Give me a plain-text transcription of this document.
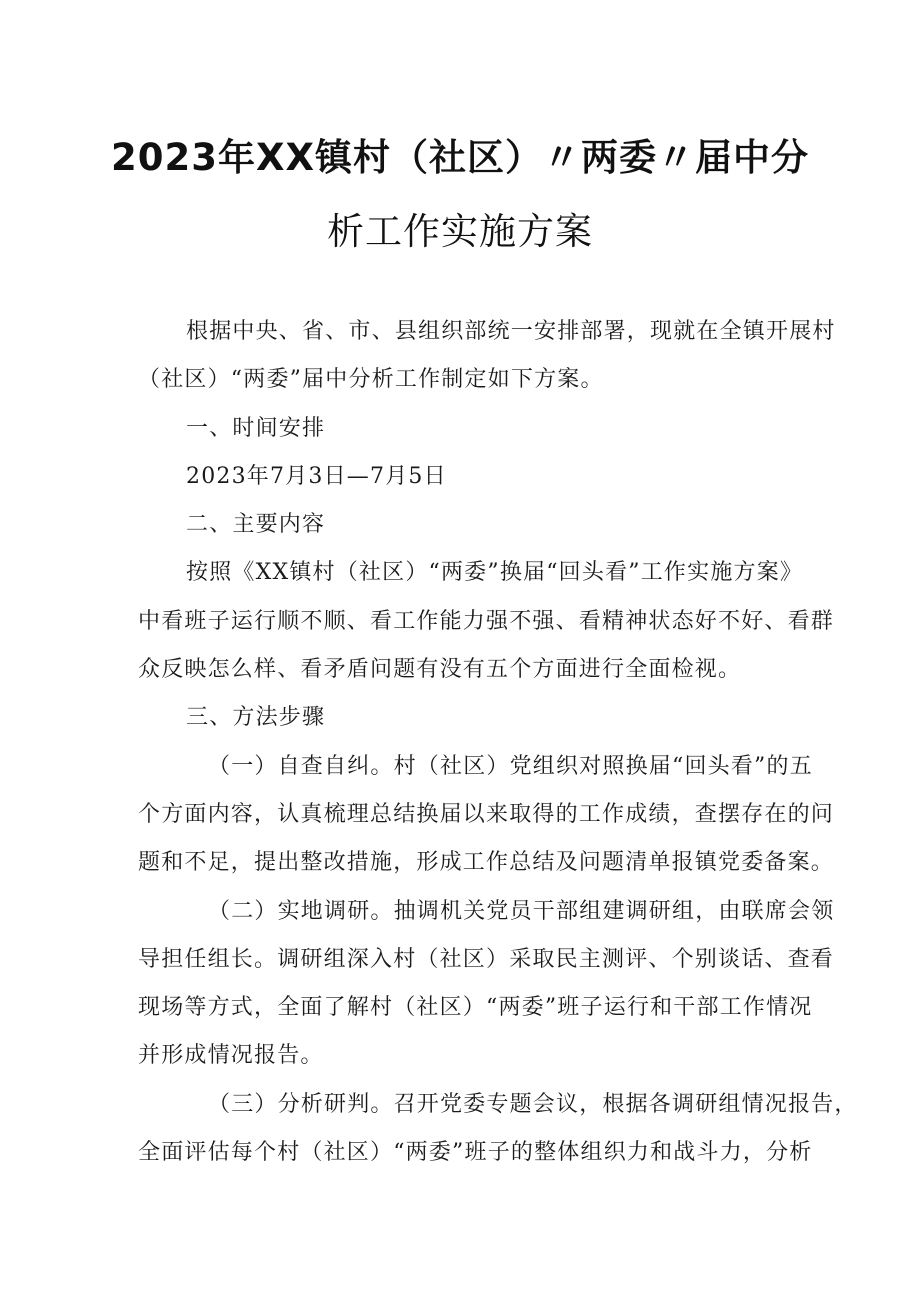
2023年XX镇村（社区）〃两委〃届中分
析工作实施方案
根据中央、省、市、县组织部统一安排部署，现就在全镇开展村
（社区）“两委”届中分析工作制定如下方案。
一、时间安排
2023年7月3日—7月5日
二、主要内容
按照《XX镇村（社区）“两委”换届“回头看”工作实施方案》
中看班子运行顺不顺、看工作能力强不强、看精神状态好不好、看群
众反映怎么样、看矛盾问题有没有五个方面进行全面检视。
三、方法步骤
（一）自查自纠。村（社区）党组织对照换届“回头看”的五
个方面内容，认真梳理总结换届以来取得的工作成绩，查摆存在的问
题和不足，提出整改措施，形成工作总结及问题清单报镇党委备案。
（二）实地调研。抽调机关党员干部组建调研组，由联席会领
导担任组长。调研组深入村（社区）采取民主测评、个别谈话、查看
现场等方式，全面了解村（社区）“两委”班子运行和干部工作情况
并形成情况报告。
（三）分析研判。召开党委专题会议，根据各调研组情况报告，
全面评估每个村（社区）“两委”班子的整体组织力和战斗力，分析
